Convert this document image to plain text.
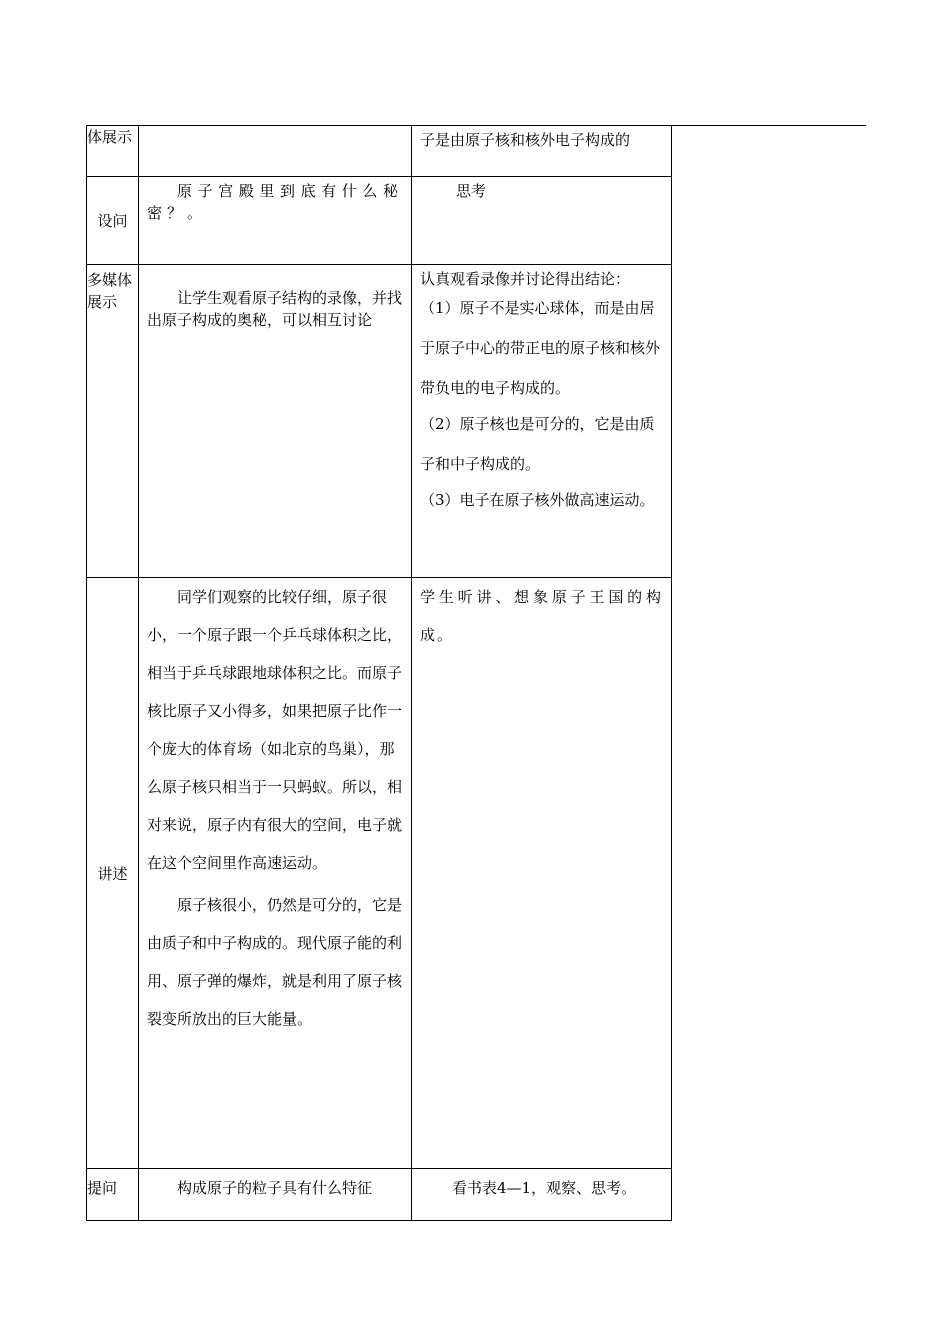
体展示		子是由原子核和核外电子构成的

设问	原子宫殿里到底有什么秘密？。	思考

多媒体展示	让学生观看原子结构的录像，并找出原子构成的奥秘，可以相互讨论	认真观看录像并讨论得出结论：

（1）原子不是实心球体，而是由居于原子中心的带正电的原子核和核外带负电的电子构成的。

（2）原子核也是可分的，它是由质子和中子构成的。

（3）电子在原子核外做高速运动。

讲述	同学们观察的比较仔细，原子很小，一个原子跟一个乒乓球体积之比，相当于乒乓球跟地球体积之比。而原子核比原子又小得多，如果把原子比作一个庞大的体育场（如北京的鸟巢），那么原子核只相当于一只蚂蚁。所以，相对来说，原子内有很大的空间，电子就在这个空间里作高速运动。

原子核很小，仍然是可分的，它是由质子和中子构成的。现代原子能的利用、原子弹的爆炸，就是利用了原子核裂变所放出的巨大能量。	学生听讲、想象原子王国的构成。

提问	构成原子的粒子具有什么特征	看书表4—1，观察、思考。
